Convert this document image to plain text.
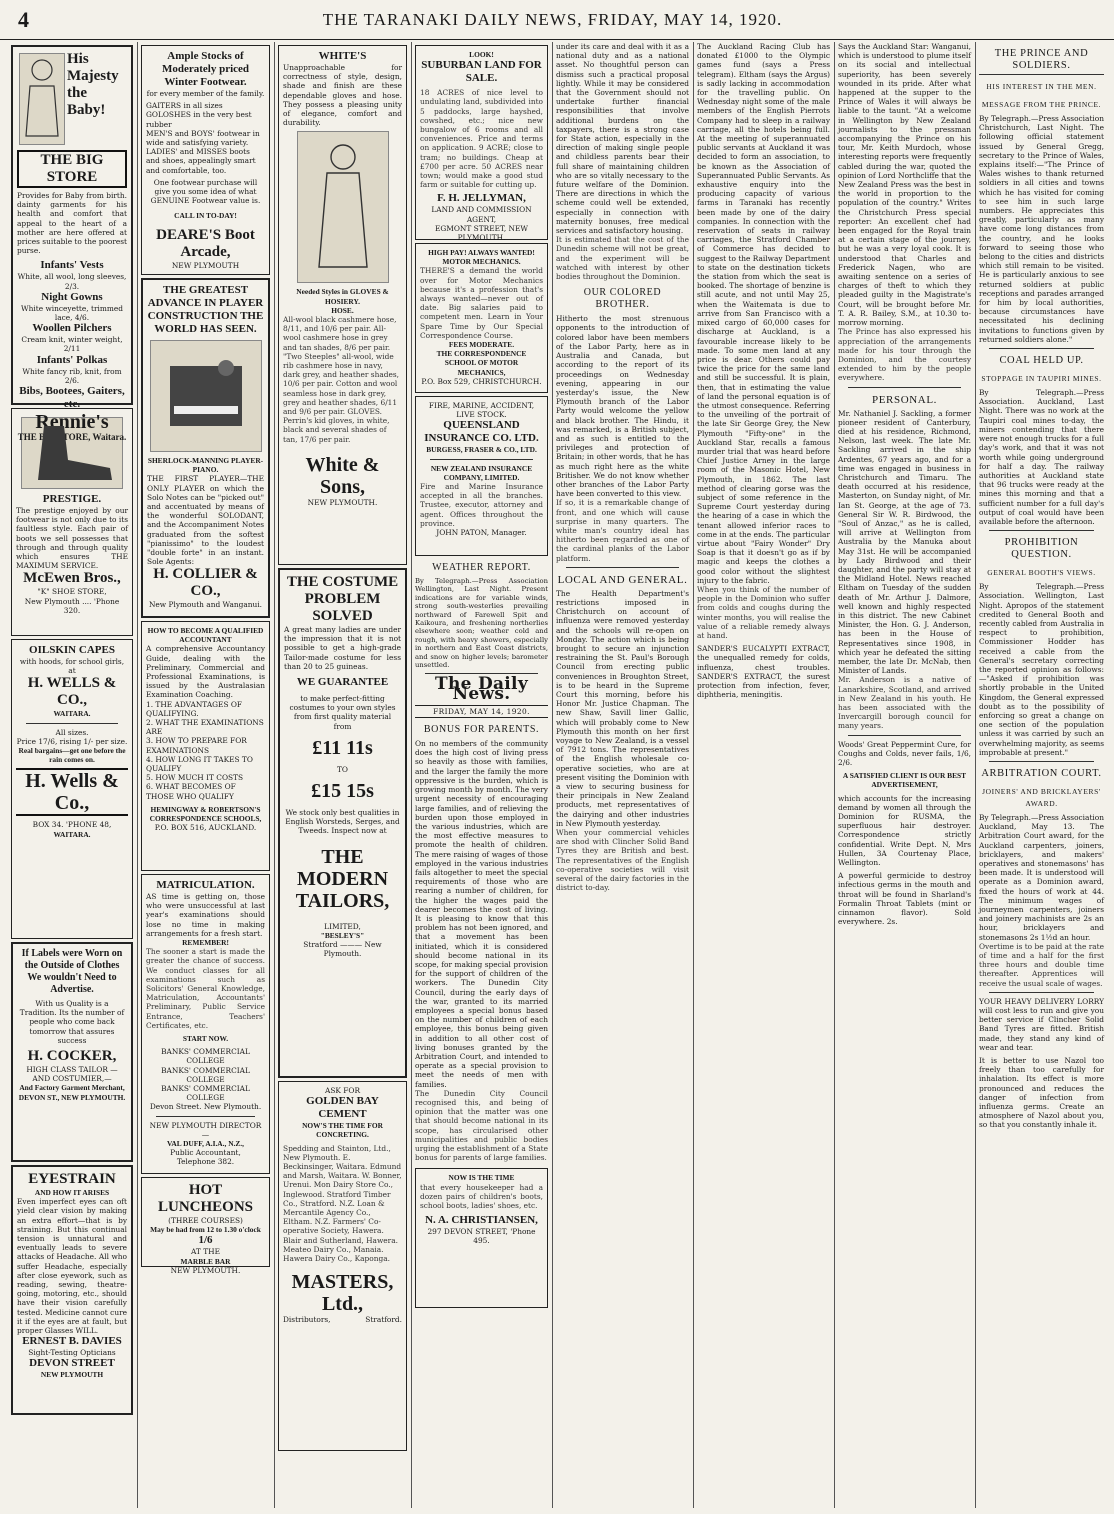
4	THE TARANAKI DAILY NEWS, FRIDAY, MAY 14, 1920.
His
Majesty
the
Baby!
THE BIG STORE

Provides for Baby from birth. dainty garments for his health and comfort that appeal to the heart of a mother are here offered at prices suitable to the poorest purse.

Infants' Vests
White, all wool, long sleeves, 2/3.
Night Gowns
White winceyette, trimmed lace, 4/6.
Woollen Pilchers
Cream knit, winter weight, 2/11
Infants' Polkas
White fancy rib, knit, from 2/6.
Bibs, Bootees, Gaiters, etc.
Rennie's
THE BIG STORE, Waitara.
PRESTIGE.

The prestige enjoyed by our footwear is not only due to its faultless style. Each pair of boots we sell possesses that through and through quality which ensures THE MAXIMUM SERVICE.

McEwen Bros.,
"K" SHOE STORE,
New Plymouth .... 'Phone 320.
OILSKIN CAPES
with hoods, for school girls, at
H. WELLS & CO.,
WAITARA.
All sizes.
Price 17/6, rising 1/- per size.
Real bargains—get one before the rain comes on.
H. Wells & Co.,
BOX 34. 'PHONE 48,
WAITARA.
If Labels were Worn on the Outside of Clothes We wouldn't Need to Advertise.

With us Quality is a Tradition. Its the number of people who come back tomorrow that assures success

H. COCKER,
HIGH CLASS TAILOR — AND COSTUMIER,—
And Factory Garment Merchant, DEVON ST., NEW PLYMOUTH.
EYESTRAIN
AND HOW IT ARISES

Even imperfect eyes can oft yield clear vision by making an extra effort—that is by straining. But this continual tension is unnatural and eventually leads to severe attacks of Headache. All who suffer Headache, especially after close eyework, such as reading, sewing, theatre-going, motoring, etc., should have their vision carefully tested. Medicine cannot cure it if the eyes are at fault, but proper Glasses WILL.

ERNEST B. DAVIES
Sight-Testing Opticians
DEVON STREET
NEW PLYMOUTH
Ample Stocks of Moderately priced Winter Footwear.
for every member of the family.
GAITERS in all sizes
GOLOSHES in the very best rubber
MEN'S and BOYS' footwear in wide and satisfying variety.
LADIES' and MISSES boots and shoes, appealingly smart and comfortable, too.
One footwear purchase will give you some idea of what GENUINE Footwear value is.
CALL IN TO-DAY!
DEARE'S Boot Arcade,
NEW PLYMOUTH
THE GREATEST ADVANCE IN PLAYER CONSTRUCTION THE WORLD HAS SEEN.
SHERLOCK-MANNING PLAYER-PIANO.

THE FIRST PLAYER—THE ONLY PLAYER on which the Solo Notes can be "picked out" and accentuated by means of the wonderful SOLODANT, and the Accompaniment Notes graduated from the softest "pianissimo" to the loudest "double forte" in an instant. Sole Agents:

H. COLLIER & CO.,
New Plymouth and Wanganui.
HOW TO BECOME A QUALIFIED ACCOUNTANT

A comprehensive Accountancy Guide, dealing with the Preliminary, Commercial and Professional Examinations, is issued by the Australasian Examination Coaching.

1. THE ADVANTAGES OF QUALIFYING.
2. WHAT THE EXAMINATIONS ARE
3. HOW TO PREPARE FOR EXAMINATIONS
4. HOW LONG IT TAKES TO QUALIFY
5. HOW MUCH IT COSTS
6. WHAT BECOMES OF THOSE WHO QUALIFY
HEMINGWAY & ROBERTSON'S CORRESPONDENCE SCHOOLS,
P.O. BOX 516, AUCKLAND.
MATRICULATION.

AS time is getting on, those who were unsuccessful at last year's examinations should lose no time in making arrangements for a fresh start.

REMEMBER!
The sooner a start is made the greater the chance of success. We conduct classes for all examinations such as Solicitors' General Knowledge, Matriculation, Accountants' Preliminary, Public Service Entrance, Teachers' Certificates, etc.
START NOW.
BANKS' COMMERCIAL COLLEGE
BANKS' COMMERCIAL COLLEGE
BANKS' COMMERCIAL COLLEGE
Devon Street. New Plymouth.
NEW PLYMOUTH DIRECTOR—
VAL DUFF, A.I.A., N.Z.,
Public Accountant,
Telephone 382.
HOT LUNCHEONS
(THREE COURSES)
May be had from 12 to 1.30 o'clock
1/6
AT THE
MARBLE BAR
NEW PLYMOUTH.
WHITE'S

Unapproachable for correctness of style, design, shade and finish are these dependable gloves and hose. They possess a pleasing unity of elegance, comfort and durability.

Needed Styles in GLOVES & HOSIERY.
HOSE.
All-wool black cashmere hose, 8/11, and 10/6 per pair. All-wool cashmere hose in grey and tan shades, 8/6 per pair. "Two Steeples" all-wool, wide rib cashmere hose in navy, dark grey, and heather shades, 10/6 per pair. Cotton and wool seamless hose in dark grey, grey and heather shades, 6/11 and 9/6 per pair. GLOVES. Perrin's kid gloves, in white, black and several shades of tan, 17/6 per pair.
White & Sons,
NEW PLYMOUTH.
THE COSTUME PROBLEM SOLVED

A great many ladies are under the impression that it is not possible to get a high-grade Tailor-made costume for less than 20 to 25 guineas.

WE GUARANTEE
to make perfect-fitting costumes to your own styles from first quality material from
£11 11s
TO
£15 15s
We stock only best qualities in English Worsteds, Serges, and Tweeds. Inspect now at
THE MODERN TAILORS,
LIMITED,
"BESLEY'S"
Stratford ——— New Plymouth.
ASK FOR
GOLDEN BAY CEMENT
NOW'S THE TIME FOR CONCRETING.
Spedding and Stainton, Ltd., New Plymouth. E. Beckinsinger, Waitara. Edmund and Marsh, Waitara. W. Bonner, Urenui. Mon Dairy Store Co., Inglewood. Stratford Timber Co., Stratford. N.Z. Loan & Mercantile Agency Co., Eltham. N.Z. Farmers' Co-operative Society, Hawera. Blair and Sutherland, Hawera. Meateo Dairy Co., Manaia. Hawera Dairy Co., Kaponga.
MASTERS, Ltd.,
Distributors,	Stratford.
LOOK!
SUBURBAN LAND FOR SALE.
18 ACRES of nice level to undulating land, subdivided into 5 paddocks, large hayshed, cowshed, etc.; nice new bungalow of 6 rooms and all conveniences. Price and terms on application. 9 ACRE; close to tram; no buildings. Cheap at £700 per acre. 50 ACRES near town; would make a good stud farm or suitable for cutting up.
F. H. JELLYMAN,
LAND AND COMMISSION AGENT,
EGMONT STREET, NEW PLYMOUTH.
HIGH PAY! ALWAYS WANTED! MOTOR MECHANICS.
THERE'S a demand the world over for Motor Mechanics because it's a profession that's always wanted—never out of date. Big salaries paid to competent men. Learn in Your Spare Time by Our Special Correspondence Course.
FEES MODERATE.
THE CORRESPONDENCE SCHOOL OF MOTOR MECHANICS,
P.O. Box 529, CHRISTCHURCH.
FIRE, MARINE, ACCIDENT, LIVE STOCK.
QUEENSLAND INSURANCE CO. LTD.
BURGESS, FRASER & CO., LTD.
NEW ZEALAND INSURANCE COMPANY, LIMITED.
Fire and Marine Insurance accepted in all the branches. Trustee, executor, attorney and agent. Offices throughout the province.
JOHN PATON, Manager.
WEATHER REPORT.

By Telegraph.—Press Association Wellington, Last Night. Present indications are for variable winds, strong south-westerlies prevailing northward of Farewell Spit and Kaikoura, and freshening northerlies elsewhere soon; weather cold and rough, with heavy showers, especially in northern and East Coast districts, and snow on higher levels; barometer unsettled.

The Daily News.
FRIDAY, MAY 14, 1920.
BONUS FOR PARENTS.

On no members of the community does the high cost of living press so heavily as those with families, and the larger the family the more oppressive is the burden, which is growing month by month. The very urgent necessity of encouraging large families, and of relieving the burden upon those employed in the various industries, which are the most effective measures to promote the health of children. The mere raising of wages of those employed in the various industries fails altogether to meet the special requirements of those who are rearing a number of children, for the higher the wages paid the dearer becomes the cost of living. It is pleasing to know that this problem has not been ignored, and that a movement has been initiated, which it is considered should become national in its scope, for making special provision for the support of children of the workers. The Dunedin City Council, during the early days of the war, granted to its married employees a special bonus based on the number of children of each employee, this bonus being given in addition to all other cost of living bonuses granted by the Arbitration Court, and intended to operate as a special provision to meet the needs of men with families.

The Dunedin City Council recognised this, and being of opinion that the matter was one that should become national in its scope, has circularised other municipalities and public bodies urging the establishment of a State bonus for parents of large families.

NOW IS THE TIME
that every housekeeper had a dozen pairs of children's boots, school boots, ladies' shoes, etc.
N. A. CHRISTIANSEN,
297 DEVON STREET, 'Phone 495.

under its care and deal with it as a national duty and as a national asset. No thoughtful person can dismiss such a practical proposal lightly. While it may be considered that the Government should not undertake further financial responsibilities that involve additional burdens on the taxpayers, there is a strong case for State action, especially in the direction of making single people and childless parents bear their full share of maintaining children who are so vitally necessary to the future welfare of the Dominion. There are directions in which the scheme could well be extended, especially in connection with maternity bonuses, free medical services and satisfactory housing.

It is estimated that the cost of the Dunedin scheme will not be great, and the experiment will be watched with interest by other bodies throughout the Dominion.

OUR COLORED BROTHER.

Hitherto the most strenuous opponents to the introduction of colored labor have been members of the Labor Party, here as in Australia and Canada, but according to the report of its proceedings on Wednesday evening, appearing in our yesterday's issue, the New Plymouth branch of the Labor Party would welcome the yellow and black brother. The Hindu, it was remarked, is a British subject, and as such is entitled to the privileges and protection of Britain; in other words, that he has as much right here as the white Britisher. We do not know whether other branches of the Labor Party have been converted to this view.

If so, it is a remarkable change of front, and one which will cause surprise in many quarters. The white man's country ideal has hitherto been regarded as one of the cardinal planks of the Labor platform.

LOCAL AND GENERAL.

The Health Department's restrictions imposed in Christchurch on account of influenza were removed yesterday and the schools will re-open on Monday. The action which is being brought to secure an injunction restraining the St. Paul's Borough Council from erecting public conveniences in Broughton Street, is to be heard in the Supreme Court this morning, before his Honor Mr. Justice Chapman. The new Shaw, Savill liner Gallic, which will probably come to New Plymouth this month on her first voyage to New Zealand, is a vessel of 7912 tons. The representatives of the English wholesale co-operative societies, who are at present visiting the Dominion with a view to securing business for their principals in New Zealand products, met representatives of the dairying and other industries in New Plymouth yesterday.

When your commercial vehicles are shod with Clincher Solid Band Tyres they are British and best. The representatives of the English co-operative societies will visit several of the dairy factories in the district to-day.

The Auckland Racing Club has donated £1000 to the Olympic games fund (says a Press telegram). Eltham (says the Argus) is sadly lacking in accommodation for the travelling public. On Wednesday night some of the male members of the English Pierrots Company had to sleep in a railway carriage, all the hotels being full. At the meeting of superannuated public servants at Auckland it was decided to form an association, to be known as the Association of Superannuated Public Servants. As exhaustive enquiry into the producing capacity of various farms in Taranaki has recently been made by one of the dairy companies. In connection with the reservation of seats in railway carriages, the Stratford Chamber of Commerce has decided to suggest to the Railway Department to state on the destination tickets the station from which the seat is booked. The shortage of benzine is still acute, and not until May 25, when the Waitemata is due to arrive from San Francisco with a mixed cargo of 60,000 cases for discharge at Auckland, is a favourable increase likely to be made. To some men land at any price is dear. Others could pay twice the price for the same land and still be successful. It is plain, then, that in estimating the value of land the personal equation is of the utmost consequence. Referring to the unveiling of the portrait of the late Sir George Grey, the New Plymouth "Fifty-one" in the Auckland Star, recalls a famous murder trial that was heard before Chief Justice Arney in the large room of the Masonic Hotel, New Plymouth, in 1862. The last method of clearing gorse was the subject of some reference in the Supreme Court yesterday during the hearing of a case in which the tenant allowed inferior races to come in at the ends. The particular virtue about "Fairy Wonder" Dry Soap is that it doesn't go as if by magic and keeps the clothes a good color without the slightest injury to the fabric.

When you think of the number of people in the Dominion who suffer from colds and coughs during the winter months, you will realise the value of a reliable remedy always at hand.

SANDER'S EUCALYPTI EXTRACT, the unequalled remedy for colds, influenza, chest troubles. SANDER'S EXTRACT, the surest protection from infection, fever, diphtheria, meningitis.

Says the Auckland Star: Wanganui, which is understood to plume itself on its social and intellectual superiority, has been severely wounded in its pride. After what happened at the supper to the Prince of Wales it will always be liable to the taunt. "At a welcome in Wellington by New Zealand journalists to the pressman accompanying the Prince on his tour, Mr. Keith Murdoch, whose interesting reports were frequently cabled during the war, quoted the opinion of Lord Northcliffe that the New Zealand Press was the best in the world in proportion to the population of the country." Writes the Christchurch Press special reporter: An excellent chef had been engaged for the Royal train at a certain stage of the journey, but he was a very loyal cook. It is understood that Charles and Frederick Nagen, who are awaiting sentence on a series of charges of theft to which they pleaded guilty in the Magistrate's Court, will be brought before Mr. T. A. R. Bailey, S.M., at 10.30 to-morrow morning.

The Prince has also expressed his appreciation of the arrangements made for his tour through the Dominion, and the courtesy extended to him by the people everywhere.

PERSONAL.

Mr. Nathaniel J. Sackling, a former pioneer resident of Canterbury, died at his residence, Richmond, Nelson, last week. The late Mr. Sackling arrived in the ship Ardentes, 67 years ago, and for a time was engaged in business in Christchurch and Timaru. The death occurred at his residence, Masterton, on Sunday night, of Mr. Ian St. George, at the age of 73. General Sir W. R. Birdwood, the "Soul of Anzac," as he is called, will arrive at Wellington from Australia by the Manuka about May 31st. He will be accompanied by Lady Birdwood and their daughter, and the party will stay at the Midland Hotel. News reached Eltham on Tuesday of the sudden death of Mr. Arthur J. Dalmore, well known and highly respected in this district. The new Cabinet Minister, the Hon. G. J. Anderson, has been in the House of Representatives since 1908, in which year he defeated the sitting member, the late Dr. McNab, then Minister of Lands.

Mr. Anderson is a native of Lanarkshire, Scotland, and arrived in New Zealand in his youth. He has been associated with the Invercargill borough council for many years.

Woods' Great Peppermint Cure, for Coughs and Colds, never fails, 1/6, 2/6.

A SATISFIED CLIENT IS OUR BEST ADVERTISEMENT,

which accounts for the increasing demand by women all through the Dominion for RUSMA, the superfluous hair destroyer. Correspondence strictly confidential. Write Dept. N, Mrs Hullen, 3A Courtenay Place, Wellington.

A powerful germicide to destroy infectious germs in the mouth and throat will be found in Sharland's Formalin Throat Tablets (mint or cinnamon flavor). Sold everywhere. 2s.

THE PRINCE AND SOLDIERS.
HIS INTEREST IN THE MEN.
MESSAGE FROM THE PRINCE.

By Telegraph.—Press Association Christchurch, Last Night. The following official statement issued by General Gregg, secretary to the Prince of Wales, explains itself:—"The Prince of Wales wishes to thank returned soldiers in all cities and towns which he has visited for coming to see him in such large numbers. He appreciates this greatly, particularly as many have come long distances from the country, and he looks forward to seeing those who belong to the cities and districts which still remain to be visited. He is particularly anxious to see returned soldiers at public receptions and parades arranged for him by local authorities, because circumstances have necessitated his declining invitations to functions given by returned soldiers alone."

COAL HELD UP.
STOPPAGE IN TAUPIRI MINES.

By Telegraph.—Press Association. Auckland, Last Night. There was no work at the Taupiri coal mines to-day, the miners contending that there were not enough trucks for a full day's work, and that it was not worth while going underground for half a day. The railway authorities at Auckland state that 96 trucks were ready at the mines this morning and that a sufficient number for a full day's output of coal would have been available before the afternoon.

PROHIBITION QUESTION.
GENERAL BOOTH'S VIEWS.

By Telegraph.—Press Association. Wellington, Last Night. Apropos of the statement credited to General Booth and recently cabled from Australia in respect to prohibition, Commissioner Hodder has received a cable from the General's secretary correcting the reported opinion as follows:—"Asked if prohibition was shortly probable in the United Kingdom, the General expressed doubt as to the possibility of enforcing so great a change on one section of the population unless it was carried by such an overwhelming majority, as seems improbable at present."

ARBITRATION COURT.
JOINERS' AND BRICKLAYERS' AWARD.

By Telegraph.—Press Association Auckland, May 13. The Arbitration Court award, for the Auckland carpenters, joiners, bricklayers, and makers' operatives and stonemasons' has been made. It is understood will operate as a Dominion award, fixed the hours of work at 44. The minimum wages of journeymen carpenters, joiners and joinery machinists are 2s an hour, bricklayers and stonemasons 2s 1½d an hour.

Overtime is to be paid at the rate of time and a half for the first three hours and double time thereafter. Apprentices will receive the usual scale of wages.

YOUR HEAVY DELIVERY LORRY will cost less to run and give you better service if Clincher Solid Band Tyres are fitted. British made, they stand any kind of wear and tear.

It is better to use Nazol too freely than too carefully for inhalation. Its effect is more pronounced and reduces the danger of infection from influenza germs. Create an atmosphere of Nazol about you, so that you constantly inhale it.
